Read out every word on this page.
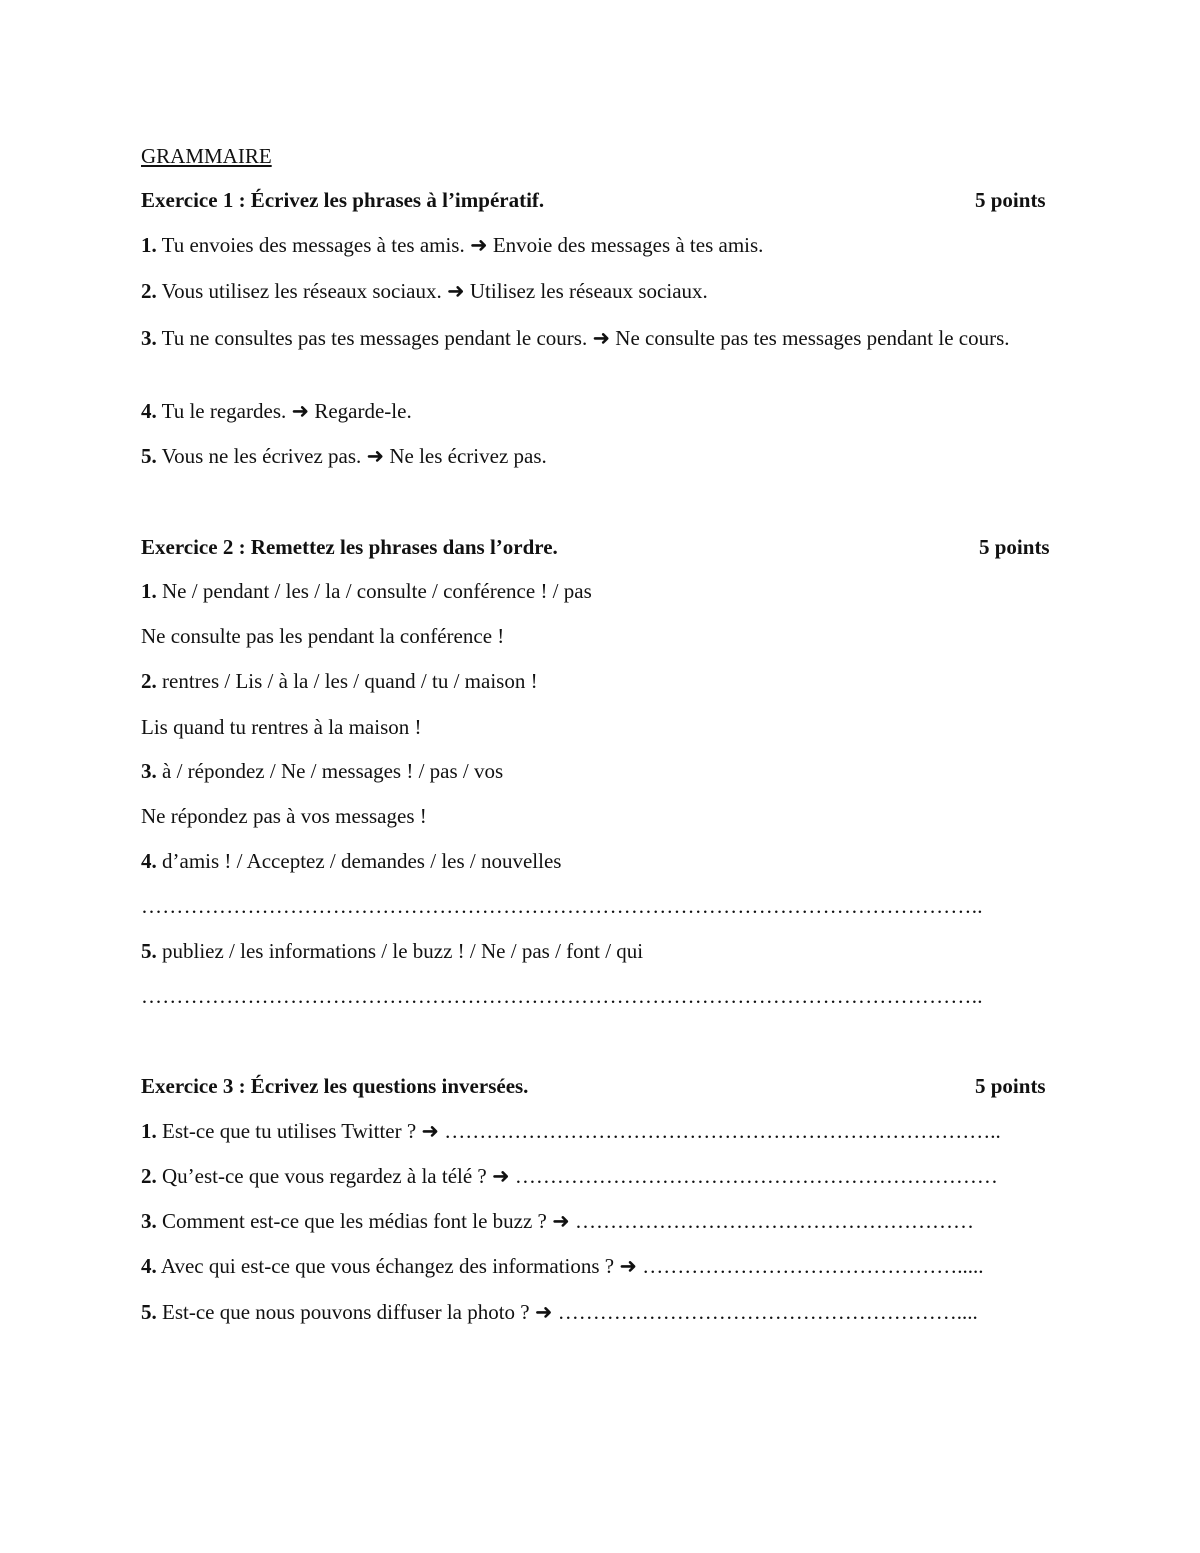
GRAMMAIRE
Exercice 1 : Écrivez les phrases à l’impératif.	5 points
1. Tu envoies des messages à tes amis. ➜ Envoie des messages à tes amis.
2. Vous utilisez les réseaux sociaux. ➜ Utilisez les réseaux sociaux.
3. Tu ne consultes pas tes messages pendant le cours. ➜ Ne consulte pas tes messages pendant le cours.
4. Tu le regardes. ➜ Regarde-le.
5. Vous ne les écrivez pas. ➜ Ne les écrivez pas.
Exercice 2 : Remettez les phrases dans l’ordre.	5 points
1. Ne / pendant / les / la / consulte / conférence ! / pas
Ne consulte pas les pendant la conférence !
2. rentres / Lis / à la / les / quand / tu / maison !
Lis quand tu rentres à la maison !
3. à / répondez / Ne / messages ! / pas / vos
Ne répondez pas à vos messages !
4. d’amis ! / Acceptez / demandes / les / nouvelles
………………………………………………………………………………………………………..
5. publiez / les informations / le buzz ! / Ne / pas / font / qui
………………………………………………………………………………………………………..
Exercice 3 : Écrivez les questions inversées.	5 points
1. Est-ce que tu utilises Twitter ? ➜ ……………………………………………………………………..
2. Qu’est-ce que vous regardez à la télé ? ➜ ……………………………………………………………
3. Comment est-ce que les médias font le buzz ? ➜ …………………………………………………
4. Avec qui est-ce que vous échangez des informations ? ➜ ……………………………………….....
5. Est-ce que nous pouvons diffuser la photo ? ➜ …………………………………………………....
